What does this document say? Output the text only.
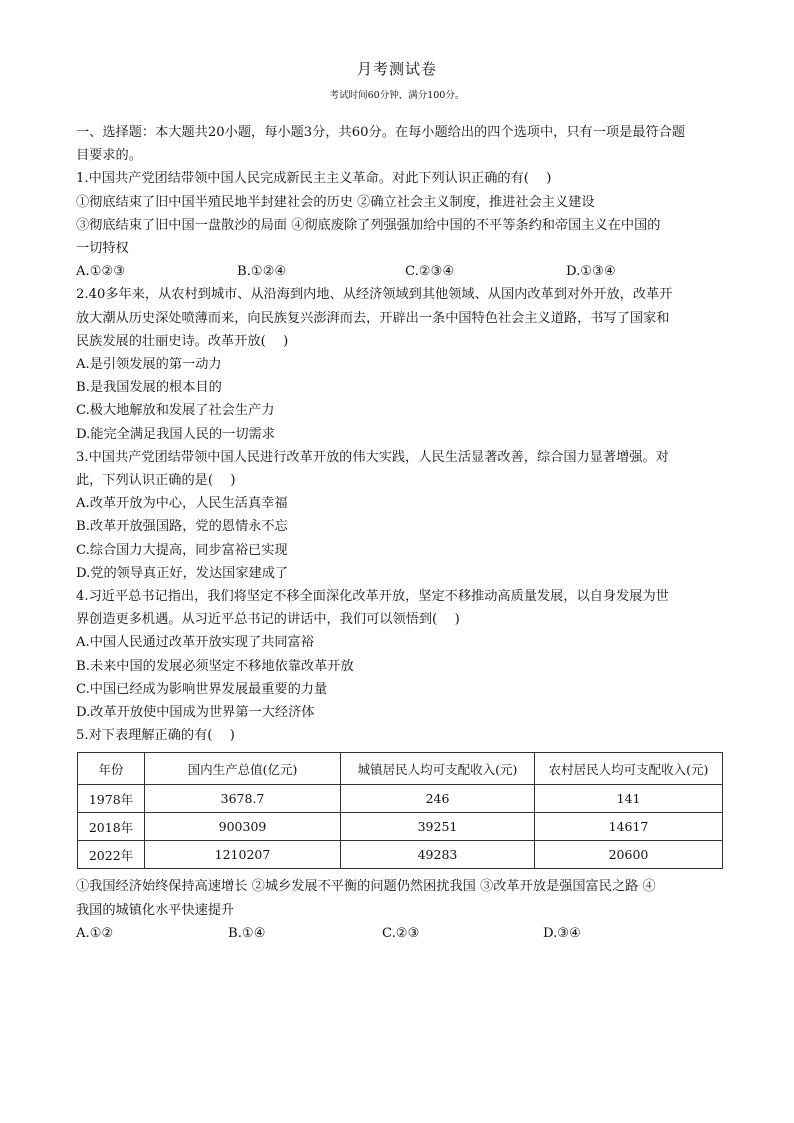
月考测试卷
考试时间60分钟，满分100分。
一、选择题：本大题共20小题，每小题3分，共60分。在每小题给出的四个选项中，只有一项是最符合题
目要求的。
1.中国共产党团结带领中国人民完成新民主主义革命。对此下列认识正确的有(　 )
①彻底结束了旧中国半殖民地半封建社会的历史 ②确立社会主义制度，推进社会主义建设
③彻底结束了旧中国一盘散沙的局面 ④彻底废除了列强强加给中国的不平等条约和帝国主义在中国的
一切特权
A.①②③	B.①②④	C.②③④	D.①③④
2.40多年来，从农村到城市、从沿海到内地、从经济领域到其他领域、从国内改革到对外开放，改革开
放大潮从历史深处喷薄而来，向民族复兴澎湃而去，开辟出一条中国特色社会主义道路，书写了国家和
民族发展的壮丽史诗。改革开放(　 )
A.是引领发展的第一动力
B.是我国发展的根本目的
C.极大地解放和发展了社会生产力
D.能完全满足我国人民的一切需求
3.中国共产党团结带领中国人民进行改革开放的伟大实践，人民生活显著改善，综合国力显著增强。对
此，下列认识正确的是(　 )
A.改革开放为中心，人民生活真幸福
B.改革开放强国路，党的恩情永不忘
C.综合国力大提高，同步富裕已实现
D.党的领导真正好，发达国家建成了
4.习近平总书记指出，我们将坚定不移全面深化改革开放，坚定不移推动高质量发展，以自身发展为世
界创造更多机遇。从习近平总书记的讲话中，我们可以领悟到(　 )
A.中国人民通过改革开放实现了共同富裕
B.未来中国的发展必须坚定不移地依靠改革开放
C.中国已经成为影响世界发展最重要的力量
D.改革开放使中国成为世界第一大经济体
5.对下表理解正确的有(　 )
年份	国内生产总值(亿元)	城镇居民人均可支配收入(元)	农村居民人均可支配收入(元)
1978年	3678.7	246	141
2018年	900309	39251	14617
2022年	1210207	49283	20600
①我国经济始终保持高速增长 ②城乡发展不平衡的问题仍然困扰我国 ③改革开放是强国富民之路 ④
我国的城镇化水平快速提升
A.①②	B.①④	C.②③	D.③④
